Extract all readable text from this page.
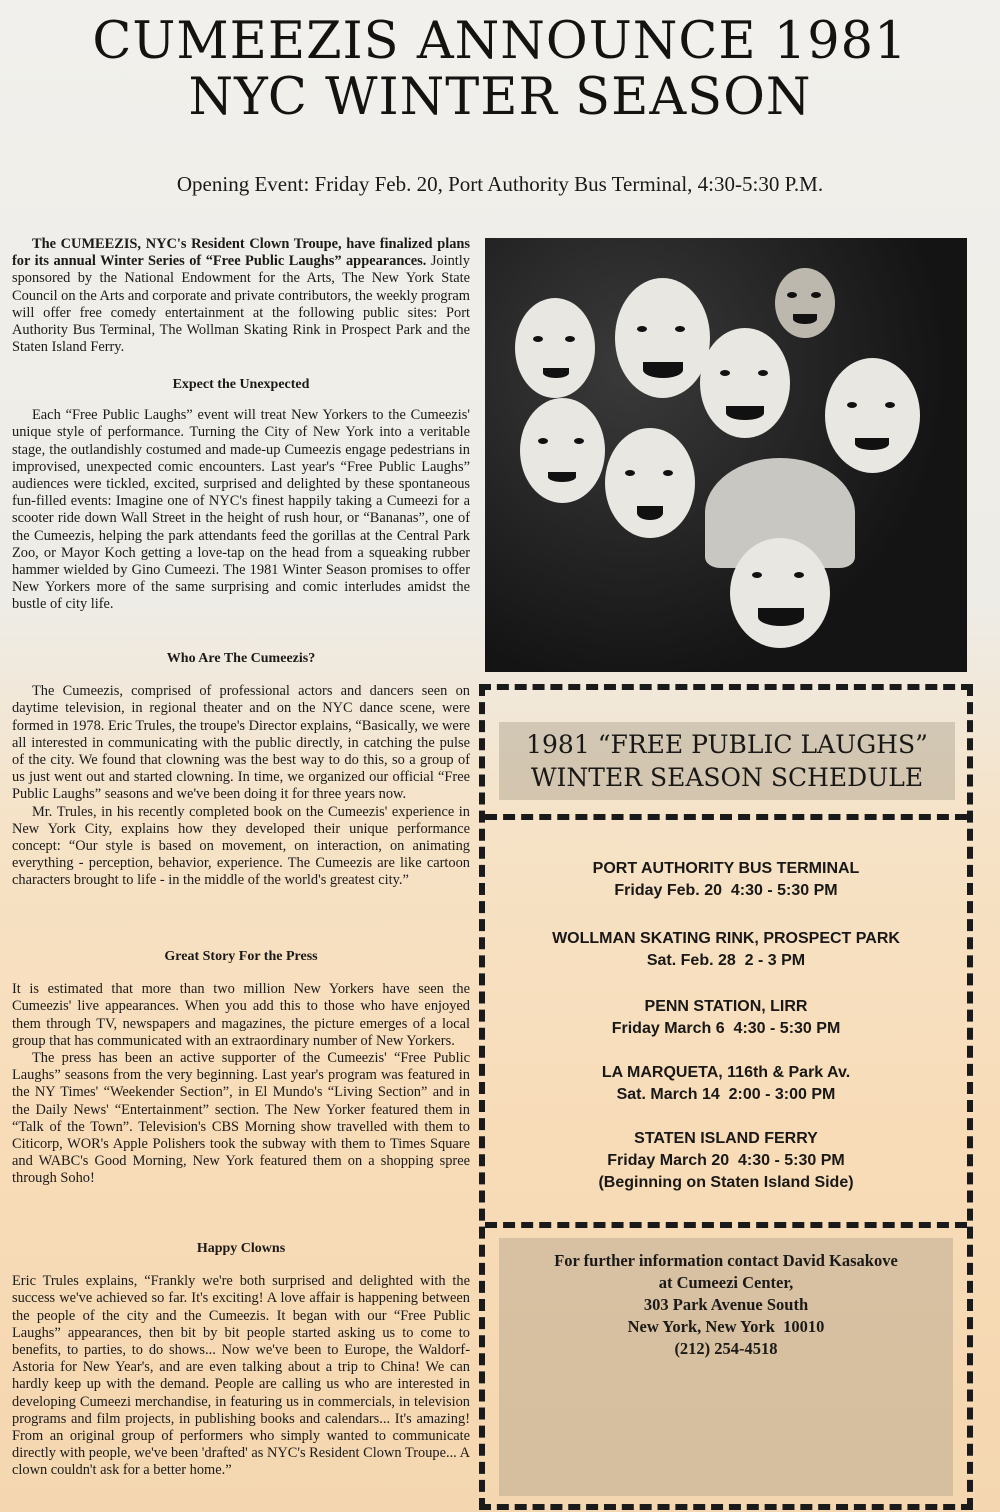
CUMEEZIS ANNOUNCE 1981
NYC WINTER SEASON
Opening Event: Friday Feb. 20, Port Authority Bus Terminal, 4:30-5:30 P.M.

The CUMEEZIS, NYC's Resident Clown Troupe, have finalized plans for its annual Winter Series of “Free Public Laughs” appearances. Jointly sponsored by the National Endowment for the Arts, The New York State Council on the Arts and corporate and private contributors, the weekly program will offer free comedy entertainment at the following public sites: Port Authority Bus Terminal, The Wollman Skating Rink in Prospect Park and the Staten Island Ferry.

Expect the Unexpected

Each “Free Public Laughs” event will treat New Yorkers to the Cumeezis' unique style of performance. Turning the City of New York into a veritable stage, the outlandishly costumed and made-up Cumeezis engage pedestrians in improvised, unexpected comic encounters. Last year's “Free Public Laughs” audiences were tickled, excited, surprised and delighted by these spontaneous fun-filled events: Imagine one of NYC's finest happily taking a Cumeezi for a scooter ride down Wall Street in the height of rush hour, or “Bananas”, one of the Cumeezis, helping the park attendants feed the gorillas at the Central Park Zoo, or Mayor Koch getting a love-tap on the head from a squeaking rubber hammer wielded by Gino Cumeezi. The 1981 Winter Season promises to offer New Yorkers more of the same surprising and comic interludes amidst the bustle of city life.

Who Are The Cumeezis?

The Cumeezis, comprised of professional actors and dancers seen on daytime television, in regional theater and on the NYC dance scene, were formed in 1978. Eric Trules, the troupe's Director explains, “Basically, we were all interested in communicating with the public directly, in catching the pulse of the city. We found that clowning was the best way to do this, so a group of us just went out and started clowning. In time, we organized our official “Free Public Laughs” seasons and we've been doing it for three years now.

Mr. Trules, in his recently completed book on the Cumeezis' experience in New York City, explains how they developed their unique performance concept: “Our style is based on movement, on interaction, on animating everything - perception, behavior, experience. The Cumeezis are like cartoon characters brought to life - in the middle of the world's greatest city.”

Great Story For the Press

It is estimated that more than two million New Yorkers have seen the Cumeezis' live appearances. When you add this to those who have enjoyed them through TV, newspapers and magazines, the picture emerges of a local group that has communicated with an extraordinary number of New Yorkers.

The press has been an active supporter of the Cumeezis' “Free Public Laughs” seasons from the very beginning. Last year's program was featured in the NY Times' “Weekender Section”, in El Mundo's “Living Section” and in the Daily News' “Entertainment” section. The New Yorker featured them in “Talk of the Town”. Television's CBS Morning show travelled with them to Citicorp, WOR's Apple Polishers took the subway with them to Times Square and WABC's Good Morning, New York featured them on a shopping spree through Soho!

Happy Clowns

Eric Trules explains, “Frankly we're both surprised and delighted with the success we've achieved so far. It's exciting! A love affair is happening between the people of the city and the Cumeezis. It began with our “Free Public Laughs” appearances, then bit by bit people started asking us to come to benefits, to parties, to do shows... Now we've been to Europe, the Waldorf-Astoria for New Year's, and are even talking about a trip to China! We can hardly keep up with the demand. People are calling us who are interested in developing Cumeezi merchandise, in featuring us in commercials, in television programs and film projects, in publishing books and calendars... It's amazing! From an original group of performers who simply wanted to communicate directly with people, we've been 'drafted' as NYC's Resident Clown Troupe... A clown couldn't ask for a better home.”

1981 “FREE PUBLIC LAUGHS”
WINTER SEASON SCHEDULE
PORT AUTHORITY BUS TERMINAL
Friday Feb. 20  4:30 - 5:30 PM
WOLLMAN SKATING RINK, PROSPECT PARK
Sat. Feb. 28  2 - 3 PM
PENN STATION, LIRR
Friday March 6  4:30 - 5:30 PM
LA MARQUETA, 116th & Park Av.
Sat. March 14  2:00 - 3:00 PM
STATEN ISLAND FERRY
Friday March 20  4:30 - 5:30 PM
(Beginning on Staten Island Side)
For further information contact David Kasakove
at Cumeezi Center,
303 Park Avenue South
New York, New York  10010
(212) 254-4518
